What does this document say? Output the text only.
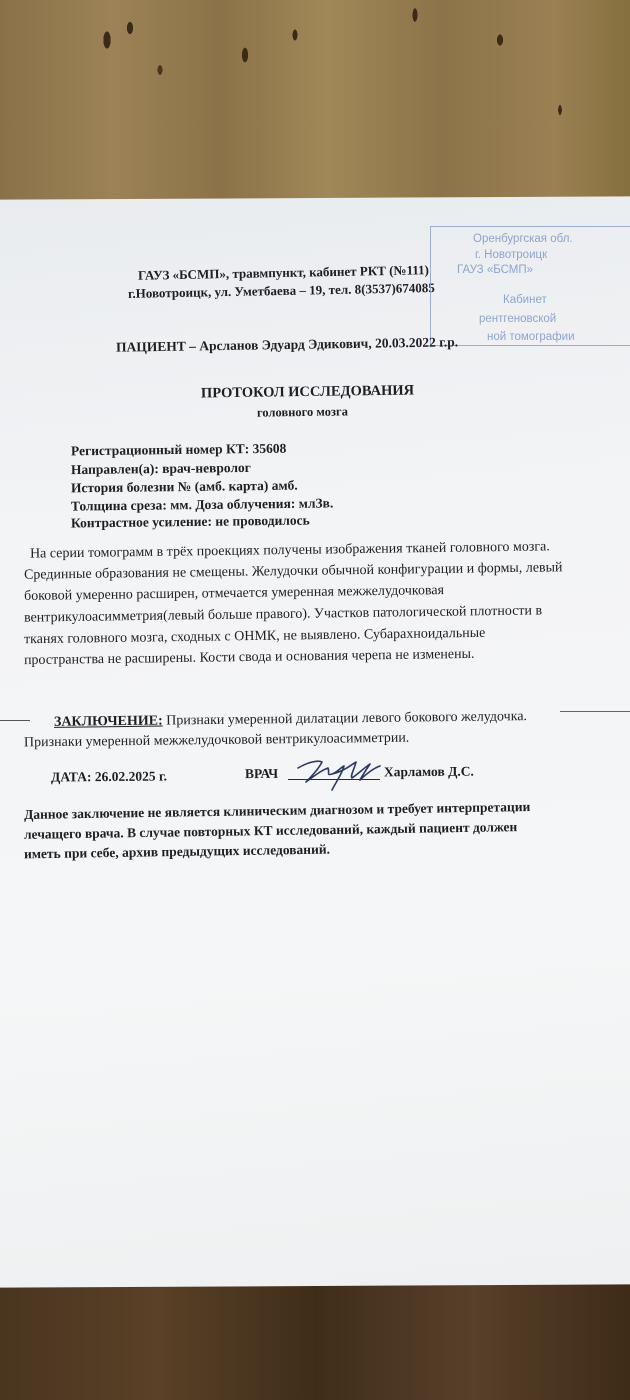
ГАУЗ «БСМП», травмпункт, кабинет РКТ (№111)
г.Новотроицк, ул. Уметбаева – 19, тел. 8(3537)674085
Оренбургская обл.
г. Новотроицк
ГАУЗ «БСМП»
Кабинет
рентгеновской
ной томографии
ПАЦИЕНТ – Арсланов Эдуард Эдикович, 20.03.2022 г.р.
ПРОТОКОЛ ИССЛЕДОВАНИЯ
головного мозга
Регистрационный номер КТ: 35608
Направлен(а): врач-невролог
История болезни № (амб. карта) амб.
Толщина среза: мм. Доза облучения: млЗв.
Контрастное усиление: не проводилось
На серии томограмм в трёх проекциях получены изображения тканей головного мозга.
Срединные образования не смещены. Желудочки обычной конфигурации и формы, левый
боковой умеренно расширен, отмечается умеренная межжелудочковая
вентрикулоасимметрия(левый больше правого). Участков патологической плотности в
тканях головного мозга, сходных с ОНМК, не выявлено. Субарахноидальные
пространства не расширены. Кости свода и основания черепа не изменены.
ЗАКЛЮЧЕНИЕ: Признаки умеренной дилатации левого бокового желудочка.
Признаки умеренной межжелудочковой вентрикулоасимметрии.
ДАТА: 26.02.2025 г.	ВРАЧ	Харламов Д.С.
Данное заключение не является клиническим диагнозом и требует интерпретации
лечащего врача. В случае повторных КТ исследований, каждый пациент должен
иметь при себе, архив предыдущих исследований.
